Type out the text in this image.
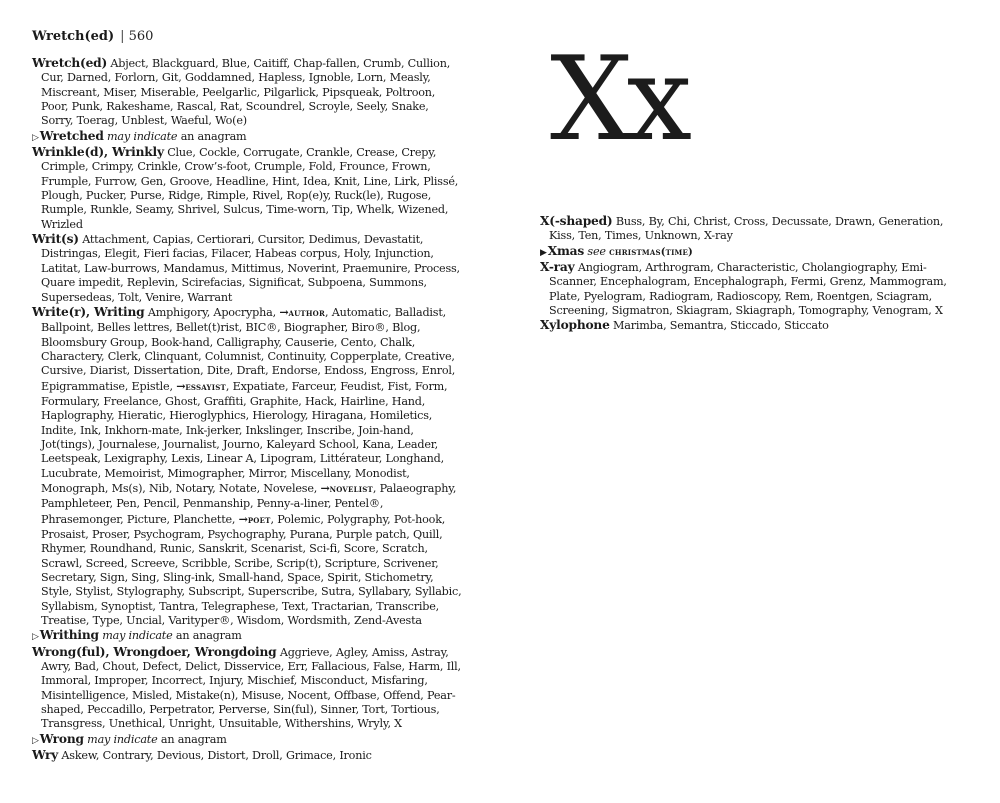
Wretch(ed) | 560	Xx

Wretch(ed) Abject, Blackguard, Blue, Caitiff, Chap-fallen, Crumb, Cullion, Cur, Darned, Forlorn, Git, Goddamned, Hapless, Ignoble, Lorn, Measly, Miscreant, Miser, Miserable, Peelgarlic, Pilgarlick, Pipsqueak, Poltroon, Poor, Punk, Rakeshame, Rascal, Rat, Scoundrel, Scroyle, Seely, Snake, Sorry, Toerag, Unblest, Waeful, Wo(e)

▷Wretched may indicate an anagram

Wrinkle(d), Wrinkly Clue, Cockle, Corrugate, Crankle, Crease, Crepy, Crimple, Crimpy, Crinkle, Crow’s-foot, Crumple, Fold, Frounce, Frown, Frumple, Furrow, Gen, Groove, Headline, Hint, Idea, Knit, Line, Lirk, Plissé, Plough, Pucker, Purse, Ridge, Rimple, Rivel, Rop(e)y, Ruck(le), Rugose, Rumple, Runkle, Seamy, Shrivel, Sulcus, Time-worn, Tip, Whelk, Wizened, Wrizled

Writ(s) Attachment, Capias, Certiorari, Cursitor, Dedimus, Devastatit, Distringas, Elegit, Fieri facias, Filacer, Habeas corpus, Holy, Injunction, Latitat, Law-burrows, Mandamus, Mittimus, Noverint, Praemunire, Process, Quare impedit, Replevin, Scirefacias, Significat, Subpoena, Summons, Supersedeas, Tolt, Venire, Warrant

Write(r), Writing Amphigory, Apocrypha, →author, Automatic, Balladist, Ballpoint, Belles lettres, Bellet(t)rist, BIC®, Biographer, Biro®, Blog, Bloomsbury Group, Book-hand, Calligraphy, Causerie, Cento, Chalk, Charactery, Clerk, Clinquant, Columnist, Continuity, Copperplate, Creative, Cursive, Diarist, Dissertation, Dite, Draft, Endorse, Endoss, Engross, Enrol, Epigrammatise, Epistle, →essayist, Expatiate, Farceur, Feudist, Fist, Form, Formulary, Freelance, Ghost, Graffiti, Graphite, Hack, Hairline, Hand, Haplography, Hieratic, Hieroglyphics, Hierology, Hiragana, Homiletics, Indite, Ink, Inkhorn-mate, Ink-jerker, Inkslinger, Inscribe, Join-hand, Jot(tings), Journalese, Journalist, Journo, Kaleyard School, Kana, Leader, Leetspeak, Lexigraphy, Lexis, Linear A, Lipogram, Littérateur, Longhand, Lucubrate, Memoirist, Mimographer, Mirror, Miscellany, Monodist, Monograph, Ms(s), Nib, Notary, Notate, Novelese, →novelist, Palaeography, Pamphleteer, Pen, Pencil, Penmanship, Penny-a-liner, Pentel®, Phrasemonger, Picture, Planchette, →poet, Polemic, Polygraphy, Pot-hook, Prosaist, Proser, Psychogram, Psychography, Purana, Purple patch, Quill, Rhymer, Roundhand, Runic, Sanskrit, Scenarist, Sci-fi, Score, Scratch, Scrawl, Screed, Screeve, Scribble, Scribe, Scrip(t), Scripture, Scrivener, Secretary, Sign, Sing, Sling-ink, Small-hand, Space, Spirit, Stichometry, Style, Stylist, Stylography, Subscript, Superscribe, Sutra, Syllabary, Syllabic, Syllabism, Synoptist, Tantra, Telegraphese, Text, Tractarian, Transcribe, Treatise, Type, Uncial, Varityper®, Wisdom, Wordsmith, Zend-Avesta

▷Writhing may indicate an anagram

Wrong(ful), Wrongdoer, Wrongdoing Aggrieve, Agley, Amiss, Astray, Awry, Bad, Chout, Defect, Delict, Disservice, Err, Fallacious, False, Harm, Ill, Immoral, Improper, Incorrect, Injury, Mischief, Misconduct, Misfaring, Misintelligence, Misled, Mistake(n), Misuse, Nocent, Offbase, Offend, Pear-shaped, Peccadillo, Perpetrator, Perverse, Sin(ful), Sinner, Tort, Tortious, Transgress, Unethical, Unright, Unsuitable, Withershins, Wryly, X

▷Wrong may indicate an anagram

Wry Askew, Contrary, Devious, Distort, Droll, Grimace, Ironic

X(-shaped) Buss, By, Chi, Christ, Cross, Decussate, Drawn, Generation, Kiss, Ten, Times, Unknown, X-ray

▶Xmas see christmas(time)

X-ray Angiogram, Arthrogram, Characteristic, Cholangiography, Emi-Scanner, Encephalogram, Encephalograph, Fermi, Grenz, Mammogram, Plate, Pyelogram, Radiogram, Radioscopy, Rem, Roentgen, Sciagram, Screening, Sigmatron, Skiagram, Skiagraph, Tomography, Venogram, X

Xylophone Marimba, Semantra, Sticcado, Sticcato
